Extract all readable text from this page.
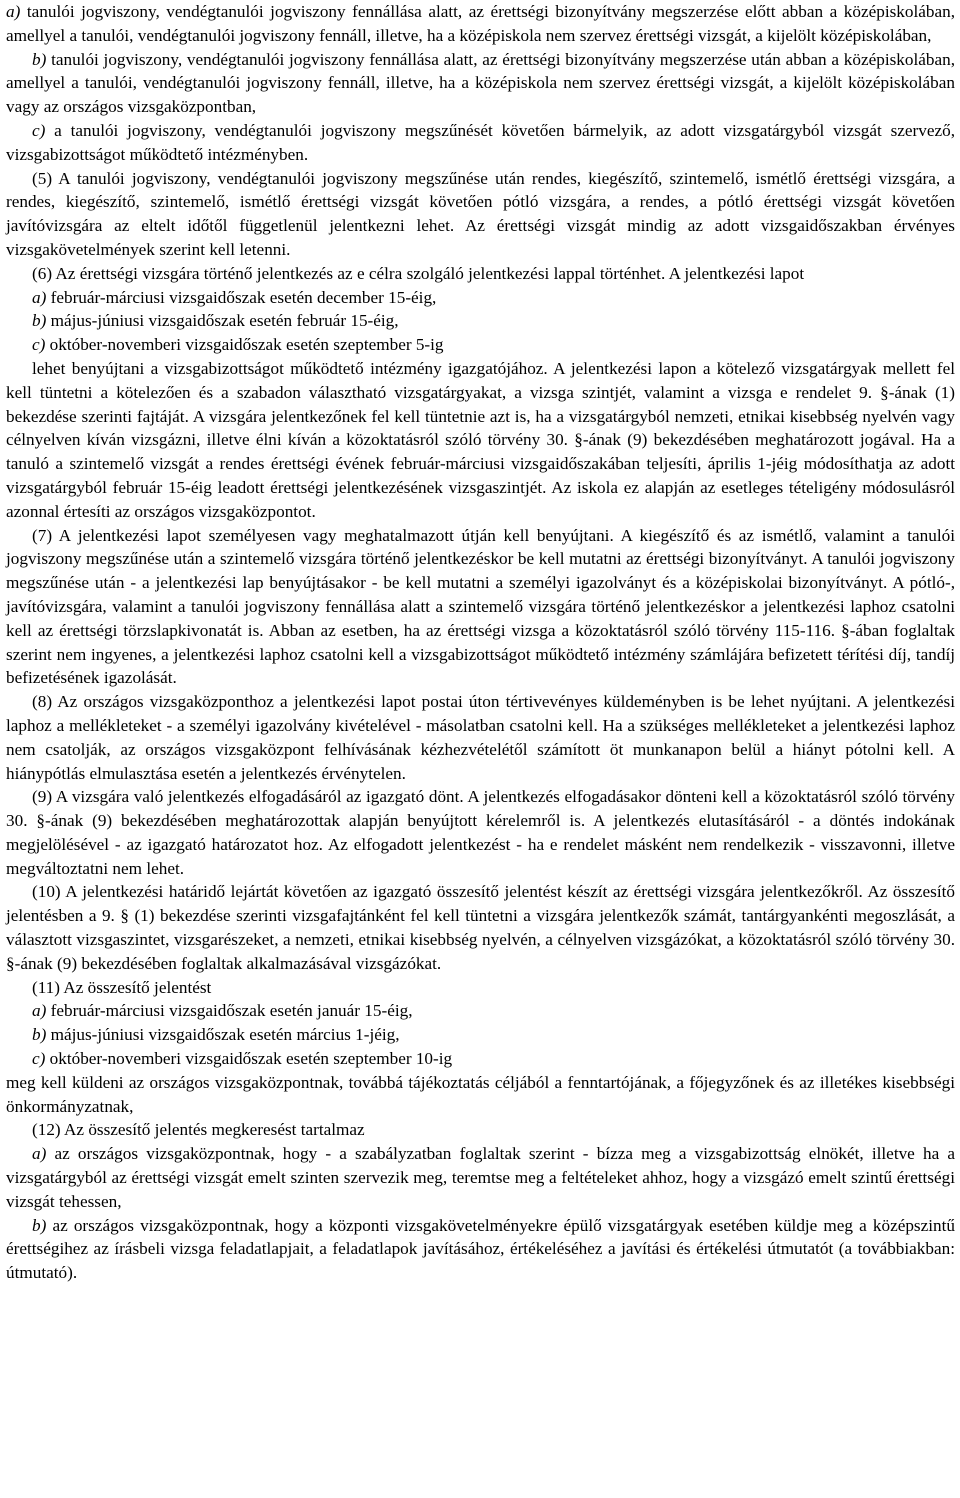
a) tanulói jogviszony, vendégtanulói jogviszony fennállása alatt, az érettségi bizonyítvány megszerzése előtt abban a középiskolában, amellyel a tanulói, vendégtanulói jogviszony fennáll, illetve, ha a középiskola nem szervez érettségi vizsgát, a kijelölt középiskolában,

b) tanulói jogviszony, vendégtanulói jogviszony fennállása alatt, az érettségi bizonyítvány megszerzése után abban a középiskolában, amellyel a tanulói, vendégtanulói jogviszony fennáll, illetve, ha a középiskola nem szervez érettségi vizsgát, a kijelölt középiskolában vagy az országos vizsgaközpontban,

c) a tanulói jogviszony, vendégtanulói jogviszony megszűnését követően bármelyik, az adott vizsgatárgyból vizsgát szervező, vizsgabizottságot működtető intézményben.

(5) A tanulói jogviszony, vendégtanulói jogviszony megszűnése után rendes, kiegészítő, szintemelő, ismétlő érettségi vizsgára, a rendes, kiegészítő, szintemelő, ismétlő érettségi vizsgát követően pótló vizsgára, a rendes, a pótló érettségi vizsgát követően javítóvizsgára az eltelt időtől függetlenül jelentkezni lehet. Az érettségi vizsgát mindig az adott vizsgaidőszakban érvényes vizsgakövetelmények szerint kell letenni.

(6) Az érettségi vizsgára történő jelentkezés az e célra szolgáló jelentkezési lappal történhet. A jelentkezési lapot

a) február-márciusi vizsgaidőszak esetén december 15-éig,

b) május-júniusi vizsgaidőszak esetén február 15-éig,

c) október-novemberi vizsgaidőszak esetén szeptember 5-ig

lehet benyújtani a vizsgabizottságot működtető intézmény igazgatójához. A jelentkezési lapon a kötelező vizsgatárgyak mellett fel kell tüntetni a kötelezően és a szabadon választható vizsgatárgyakat, a vizsga szintjét, valamint a vizsga e rendelet 9. §-ának (1) bekezdése szerinti fajtáját. A vizsgára jelentkezőnek fel kell tüntetnie azt is, ha a vizsgatárgyból nemzeti, etnikai kisebbség nyelvén vagy célnyelven kíván vizsgázni, illetve élni kíván a közoktatásról szóló törvény 30. §-ának (9) bekezdésében meghatározott jogával. Ha a tanuló a szintemelő vizsgát a rendes érettségi évének február-márciusi vizsgaidőszakában teljesíti, április 1-jéig módosíthatja az adott vizsgatárgyból február 15-éig leadott érettségi jelentkezésének vizsgaszintjét. Az iskola ez alapján az esetleges tételigény módosulásról azonnal értesíti az országos vizsgaközpontot.

(7) A jelentkezési lapot személyesen vagy meghatalmazott útján kell benyújtani. A kiegészítő és az ismétlő, valamint a tanulói jogviszony megszűnése után a szintemelő vizsgára történő jelentkezéskor be kell mutatni az érettségi bizonyítványt. A tanulói jogviszony megszűnése után - a jelentkezési lap benyújtásakor - be kell mutatni a személyi igazolványt és a középiskolai bizonyítványt. A pótló-, javítóvizsgára, valamint a tanulói jogviszony fennállása alatt a szintemelő vizsgára történő jelentkezéskor a jelentkezési laphoz csatolni kell az érettségi törzslapkivonatát is. Abban az esetben, ha az érettségi vizsga a közoktatásról szóló törvény 115-116. §-ában foglaltak szerint nem ingyenes, a jelentkezési laphoz csatolni kell a vizsgabizottságot működtető intézmény számlájára befizetett térítési díj, tandíj befizetésének igazolását.

(8) Az országos vizsgaközponthoz a jelentkezési lapot postai úton tértivevényes küldeményben is be lehet nyújtani. A jelentkezési laphoz a mellékleteket - a személyi igazolvány kivételével - másolatban csatolni kell. Ha a szükséges mellékleteket a jelentkezési laphoz nem csatolják, az országos vizsgaközpont felhívásának kézhezvételétől számított öt munkanapon belül a hiányt pótolni kell. A hiánypótlás elmulasztása esetén a jelentkezés érvénytelen.

(9) A vizsgára való jelentkezés elfogadásáról az igazgató dönt. A jelentkezés elfogadásakor dönteni kell a közoktatásról szóló törvény 30. §-ának (9) bekezdésében meghatározottak alapján benyújtott kérelemről is. A jelentkezés elutasításáról - a döntés indokának megjelölésével - az igazgató határozatot hoz. Az elfogadott jelentkezést - ha e rendelet másként nem rendelkezik - visszavonni, illetve megváltoztatni nem lehet.

(10) A jelentkezési határidő lejártát követően az igazgató összesítő jelentést készít az érettségi vizsgára jelentkezőkről. Az összesítő jelentésben a 9. § (1) bekezdése szerinti vizsgafajtánként fel kell tüntetni a vizsgára jelentkezők számát, tantárgyankénti megoszlását, a választott vizsgaszintet, vizsgarészeket, a nemzeti, etnikai kisebbség nyelvén, a célnyelven vizsgázókat, a közoktatásról szóló törvény 30. §-ának (9) bekezdésében foglaltak alkalmazásával vizsgázókat.

(11) Az összesítő jelentést

a) február-márciusi vizsgaidőszak esetén január 15-éig,

b) május-júniusi vizsgaidőszak esetén március 1-jéig,

c) október-novemberi vizsgaidőszak esetén szeptember 10-ig

meg kell küldeni az országos vizsgaközpontnak, továbbá tájékoztatás céljából a fenntartójának, a főjegyzőnek és az illetékes kisebbségi önkormányzatnak,

(12) Az összesítő jelentés megkeresést tartalmaz

a) az országos vizsgaközpontnak, hogy - a szabályzatban foglaltak szerint - bízza meg a vizsgabizottság elnökét, illetve ha a vizsgatárgyból az érettségi vizsgát emelt szinten szervezik meg, teremtse meg a feltételeket ahhoz, hogy a vizsgázó emelt szintű érettségi vizsgát tehessen,

b) az országos vizsgaközpontnak, hogy a központi vizsgakövetelményekre épülő vizsgatárgyak esetében küldje meg a középszintű érettségihez az írásbeli vizsga feladatlapjait, a feladatlapok javításához, értékeléséhez a javítási és értékelési útmutatót (a továbbiakban: útmutató).
